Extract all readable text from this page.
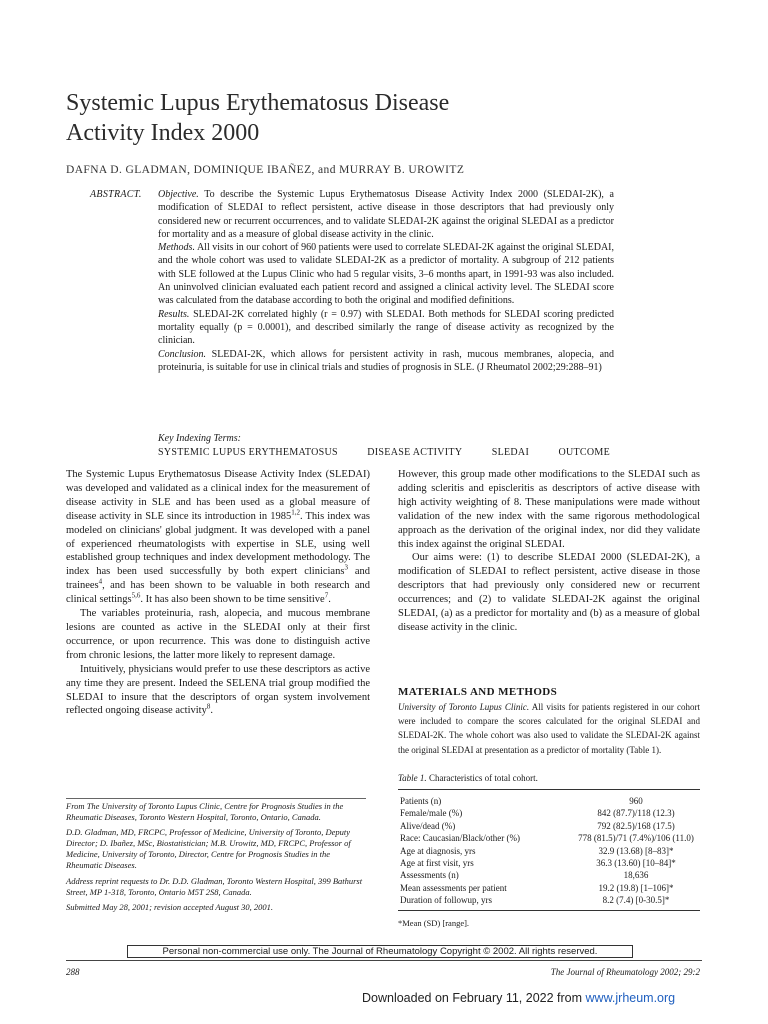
Systemic Lupus Erythematosus Disease
Activity Index 2000
DAFNA D. GLADMAN, DOMINIQUE IBAÑEZ, and MURRAY B. UROWITZ
ABSTRACT. Objective. To describe the Systemic Lupus Erythematosus Disease Activity Index 2000 (SLEDAI-2K), a modification of SLEDAI to reflect persistent, active disease in those descriptors that had previously only considered new or recurrent occurrences, and to validate SLEDAI-2K against the original SLEDAI as a predictor for mortality and as a measure of global disease activity in the clinic.

Methods. All visits in our cohort of 960 patients were used to correlate SLEDAI-2K against the original SLEDAI, and the whole cohort was used to validate SLEDAI-2K as a predictor of mortality. A subgroup of 212 patients with SLE followed at the Lupus Clinic who had 5 regular visits, 3–6 months apart, in 1991-93 was also included. An uninvolved clinician evaluated each patient record and assigned a clinical activity level. The SLEDAI score was calculated from the database according to both the original and modified definitions.

Results. SLEDAI-2K correlated highly (r = 0.97) with SLEDAI. Both methods for SLEDAI scoring predicted mortality equally (p = 0.0001), and described similarly the range of disease activity as recognized by the clinician.

Conclusion. SLEDAI-2K, which allows for persistent activity in rash, mucous membranes, alopecia, and proteinuria, is suitable for use in clinical trials and studies of prognosis in SLE. (J Rheumatol 2002;29:288–91)

Key Indexing Terms:
SYSTEMIC LUPUS ERYTHEMATOSUS	DISEASE ACTIVITY	SLEDAI	OUTCOME

The Systemic Lupus Erythematosus Disease Activity Index (SLEDAI) was developed and validated as a clinical index for the measurement of disease activity in SLE and has been used as a global measure of disease activity in SLE since its introduction in 1985$^{1,2}$. This index was modeled on clinicians' global judgment. It was developed with a panel of experienced rheumatologists with expertise in SLE, using well established group techniques and index development methodology. The index has been used successfully by both expert clinicians$^3$ and trainees$^4$, and has been shown to be valuable in both research and clinical settings$^{5,6}$. It has also been shown to be time sensitive$^7$.

The variables proteinuria, rash, alopecia, and mucous membrane lesions are counted as active in the SLEDAI only at their first occurrence, or upon recurrence. This was done to distinguish active from chronic lesions, the latter more likely to represent damage.

Intuitively, physicians would prefer to use these descriptors as active any time they are present. Indeed the SELENA trial group modified the SLEDAI to insure that the descriptors of organ system involvement reflected ongoing disease activity$^8$.

However, this group made other modifications to the SLEDAI such as adding scleritis and episcleritis as descriptors of active disease with high activity weighting of 8. These manipulations were made without validation of the new index with the same rigorous methodological approach as the derivation of the original index, nor did they validate this index against the original SLEDAI.

Our aims were: (1) to describe SLEDAI 2000 (SLEDAI-2K), a modification of SLEDAI to reflect persistent, active disease in those descriptors that had previously only considered new or recurrent occurrences; and (2) to validate SLEDAI-2K against the original SLEDAI, (a) as a predictor for mortality and (b) as a measure of global disease activity in the clinic.

MATERIALS AND METHODS

University of Toronto Lupus Clinic. All visits for patients registered in our cohort were included to compare the scores calculated for the original SLEDAI and SLEDAI-2K. The whole cohort was also used to validate the SLEDAI-2K against the original SLEDAI at presentation as a predictor of mortality (Table 1).

Table 1. Characteristics of total cohort.
Patients (n)	960
Female/male (%)	842 (87.7)/118 (12.3)
Alive/dead (%)	792 (82.5)/168 (17.5)
Race: Caucasian/Black/other (%)	778 (81.5)/71 (7.4%)/106 (11.0)
Age at diagnosis, yrs	32.9 (13.68) [8–83]*
Age at first visit, yrs	36.3 (13.60) [10–84]*
Assessments (n)	18,636
Mean assessments per patient	19.2 (19.8) [1–106]*
Duration of followup, yrs	8.2 (7.4) [0-30.5]*
*Mean (SD) [range].

From The University of Toronto Lupus Clinic, Centre for Prognosis Studies in the Rheumatic Diseases, Toronto Western Hospital, Toronto, Ontario, Canada.

D.D. Gladman, MD, FRCPC, Professor of Medicine, University of Toronto, Deputy Director; D. Ibañez, MSc, Biostatistician; M.B. Urowitz, MD, FRCPC, Professor of Medicine, University of Toronto, Director, Centre for Prognosis Studies in the Rheumatic Diseases.

Address reprint requests to Dr. D.D. Gladman, Toronto Western Hospital, 399 Bathurst Street, MP 1-318, Toronto, Ontario M5T 2S8, Canada.

Submitted May 28, 2001; revision accepted August 30, 2001.

Personal non-commercial use only. The Journal of Rheumatology Copyright © 2002. All rights reserved.
288	The Journal of Rheumatology 2002; 29:2
Downloaded on February 11, 2022 from www.jrheum.org
